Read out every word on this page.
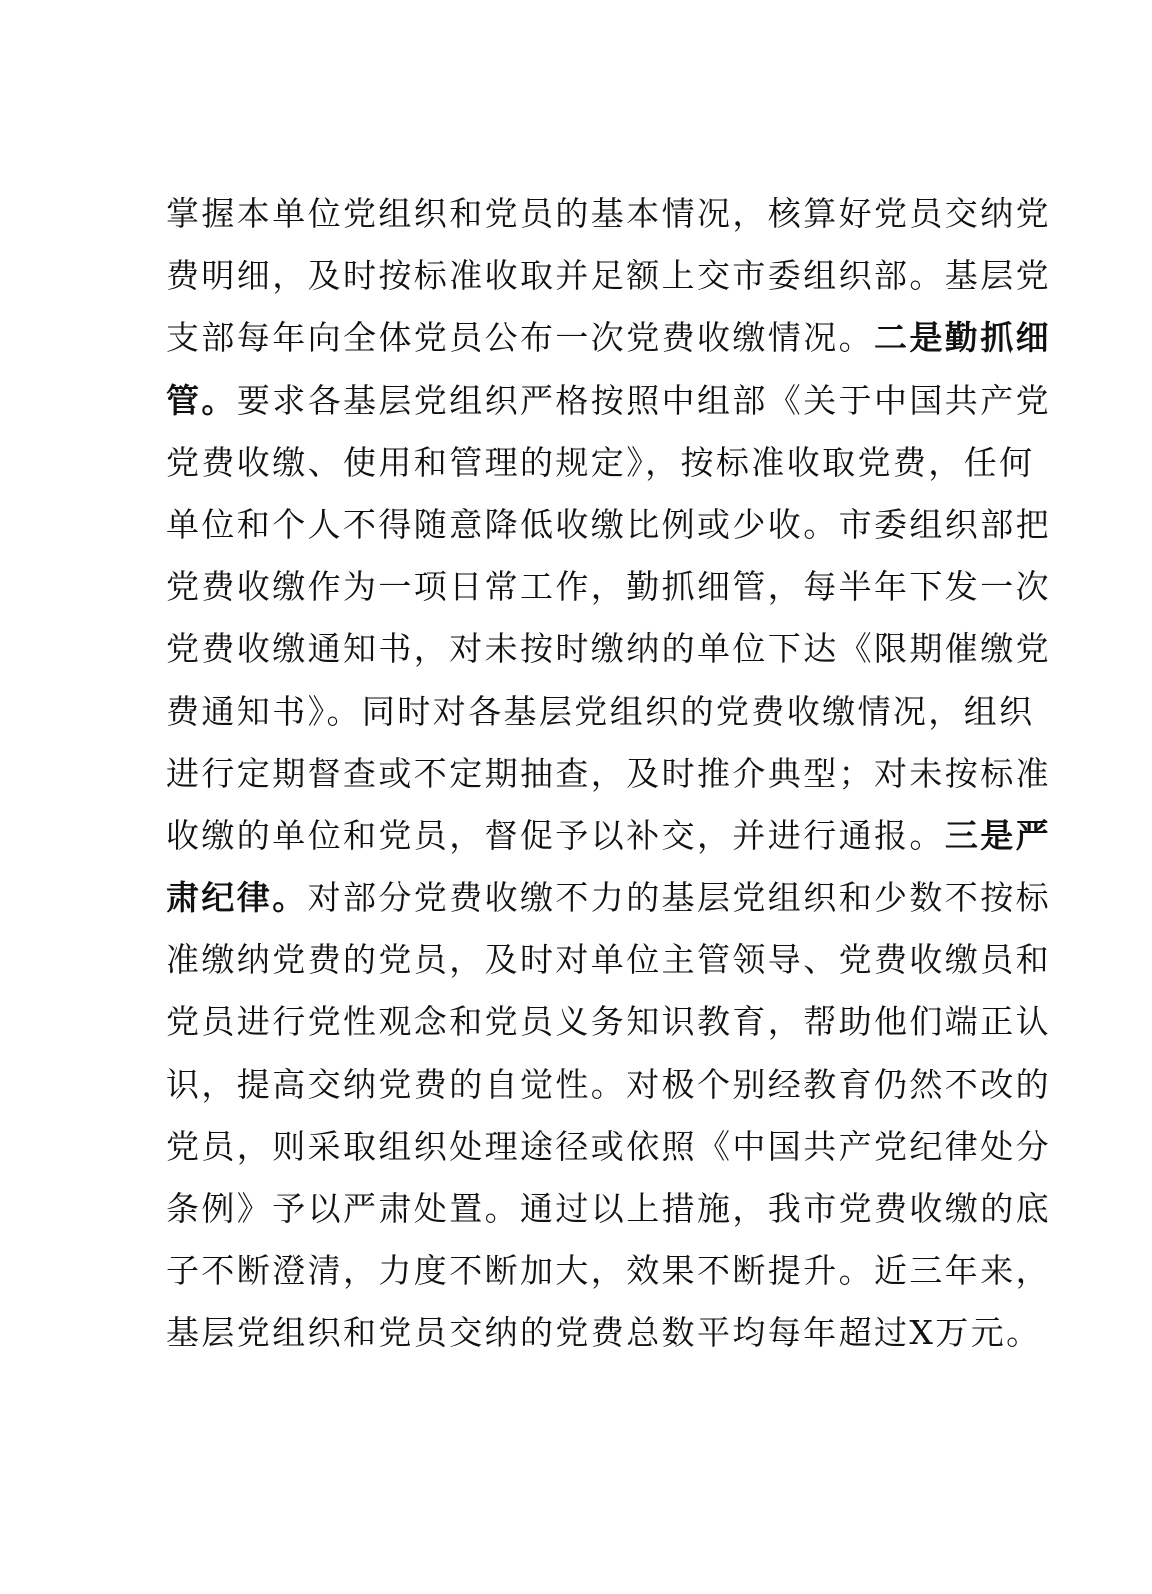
掌握本单位党组织和党员的基本情况，核算好党员交纳党
费明细，及时按标准收取并足额上交市委组织部。基层党
支部每年向全体党员公布一次党费收缴情况。二是勤抓细
管。要求各基层党组织严格按照中组部《关于中国共产党
党费收缴、使用和管理的规定》，按标准收取党费，任何
单位和个人不得随意降低收缴比例或少收。市委组织部把
党费收缴作为一项日常工作，勤抓细管，每半年下发一次
党费收缴通知书，对未按时缴纳的单位下达《限期催缴党
费通知书》。同时对各基层党组织的党费收缴情况，组织
进行定期督查或不定期抽查，及时推介典型；对未按标准
收缴的单位和党员，督促予以补交，并进行通报。三是严
肃纪律。对部分党费收缴不力的基层党组织和少数不按标
准缴纳党费的党员，及时对单位主管领导、党费收缴员和
党员进行党性观念和党员义务知识教育，帮助他们端正认
识，提高交纳党费的自觉性。对极个别经教育仍然不改的
党员，则采取组织处理途径或依照《中国共产党纪律处分
条例》予以严肃处置。通过以上措施，我市党费收缴的底
子不断澄清，力度不断加大，效果不断提升。近三年来，
基层党组织和党员交纳的党费总数平均每年超过X万元。
